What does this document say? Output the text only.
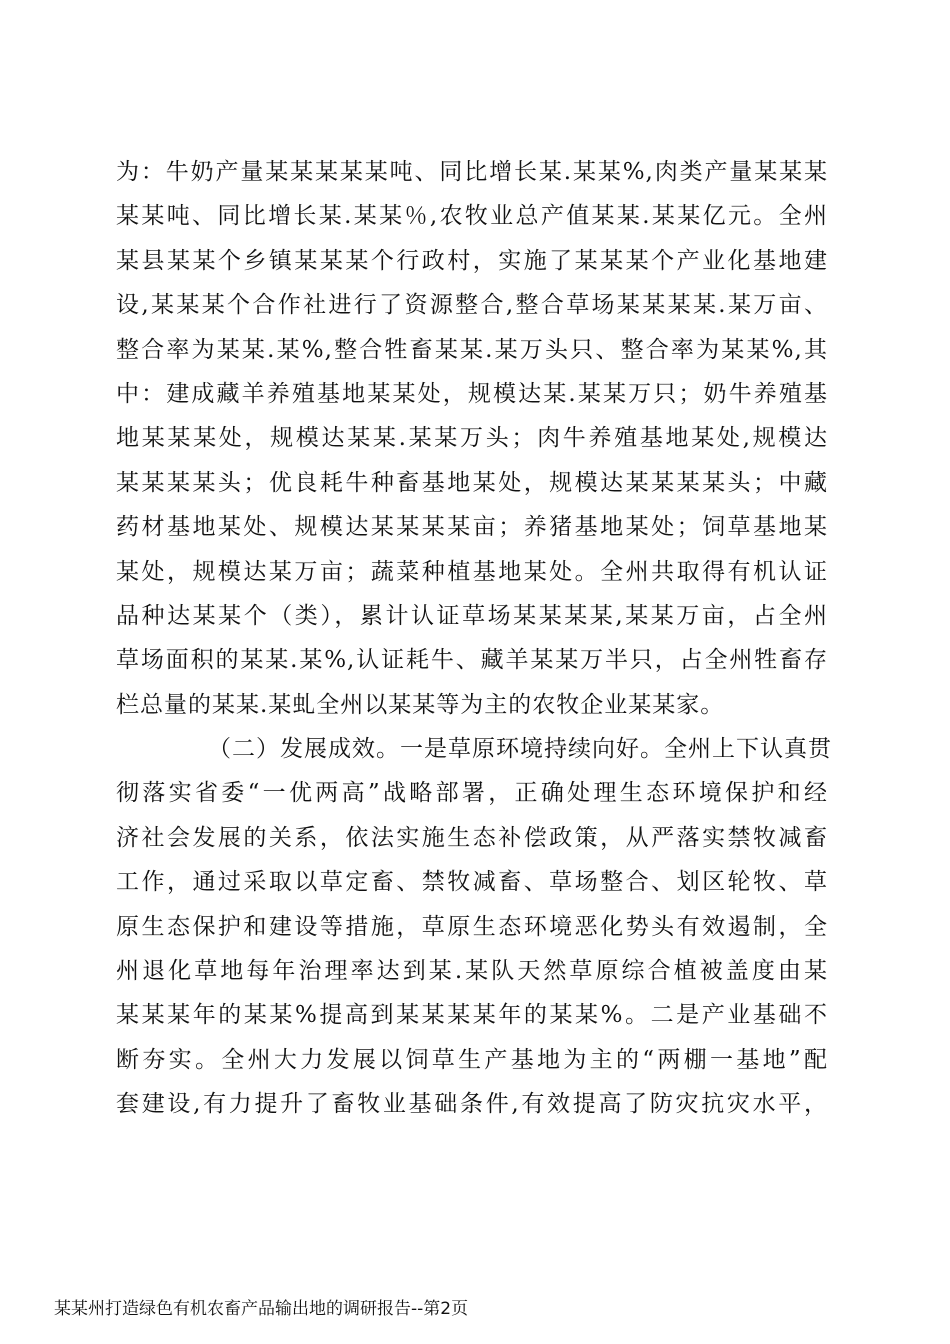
为：牛奶产量某某某某某吨、同比增长某.某某%,肉类产量某某某
某某吨、同比增长某.某某％,农牧业总产值某某.某某亿元。全州
某县某某个乡镇某某某个行政村，实施了某某某个产业化基地建
设,某某某个合作社进行了资源整合,整合草场某某某某.某万亩、
整合率为某某.某%,整合牲畜某某.某万头只、整合率为某某%,其
中：建成藏羊养殖基地某某处，规模达某.某某万只；奶牛养殖基
地某某某处，规模达某某.某某万头；肉牛养殖基地某处,规模达
某某某某头；优良耗牛种畜基地某处，规模达某某某某头；中藏
药材基地某处、规模达某某某某亩；养猪基地某处；饲草基地某
某处，规模达某万亩；蔬菜种植基地某处。全州共取得有机认证
品种达某某个（类），累计认证草场某某某某,某某万亩，占全州
草场面积的某某.某%,认证耗牛、藏羊某某万半只，占全州牲畜存
栏总量的某某.某虬全州以某某等为主的农牧企业某某家。
（二）发展成效。一是草原环境持续向好。全州上下认真贯
彻落实省委“一优两高”战略部署，正确处理生态环境保护和经
济社会发展的关系，依法实施生态补偿政策，从严落实禁牧减畜
工作，通过采取以草定畜、禁牧减畜、草场整合、划区轮牧、草
原生态保护和建设等措施，草原生态环境恶化势头有效遏制，全
州退化草地每年治理率达到某.某队天然草原综合植被盖度由某
某某某年的某某%提高到某某某某年的某某%。二是产业基础不
断夯实。全州大力发展以饲草生产基地为主的“两棚一基地”配
套建设,有力提升了畜牧业基础条件,有效提高了防灾抗灾水平，
某某州打造绿色有机农畜产品输出地的调研报告--第2页
